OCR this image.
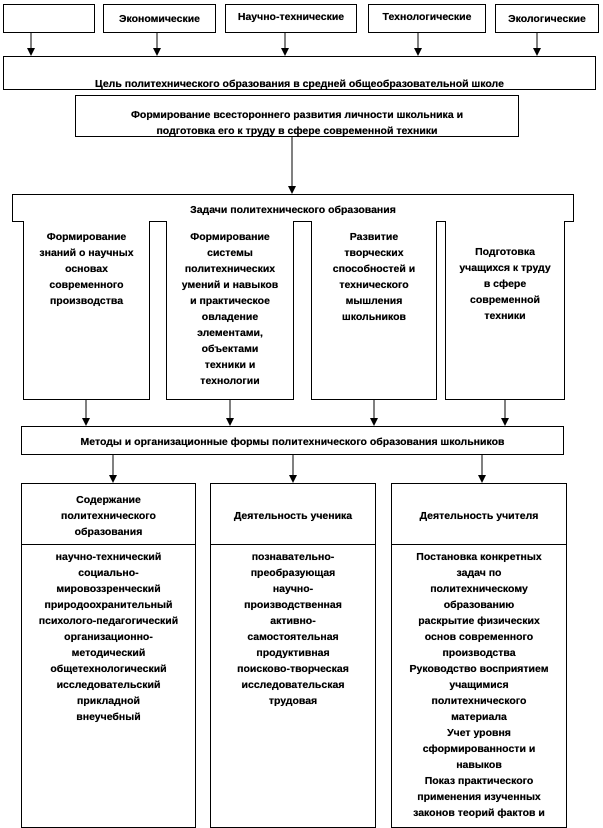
Экономические	Научно-технические	Технологические	Экологические
Цель политехнического образования в средней общеобразовательной школе
Формирование всестороннего развития личности школьника и
подготовка его к труду в сфере современной техники
Задачи политехнического образования
Формирование
знаний о научных
основах
современного
производства
Формирование
системы
политехнических
умений и навыков
и практическое
овладение
элементами,
объектами
техники и
технологии
Развитие
творческих
способностей и
технического
мышления
школьников
Подготовка
учащихся к труду
в сфере
современной
техники
Методы и организационные формы политехнического образования школьников
Содержание
политехнического
образования
научно-технический
социально-
мировоззренческий
природоохранительный
психолого-педагогический
организационно-
методический
общетехнологический
исследовательский
прикладной
внеучебный
Деятельность ученика
познавательно-
преобразующая
научно-
производственная
активно-
самостоятельная
продуктивная
поисково-творческая
исследовательская
трудовая
Деятельность учителя
Постановка конкретных
задач по
политехническому
образованию
раскрытие физических
основ современного
производства
Руководство восприятием
учащимися
политехнического
материала
Учет уровня
сформированности и
навыков
Показ практического
применения изученных
законов теорий фактов и
